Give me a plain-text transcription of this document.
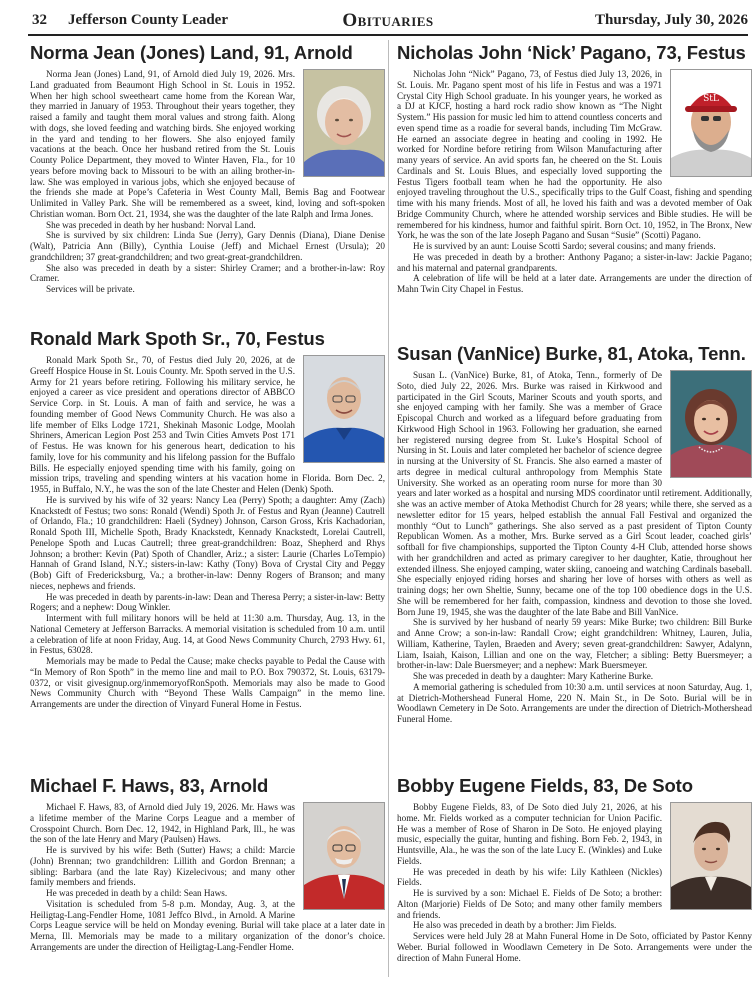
32 Jefferson County Leader	Obituaries	Thursday, July 30, 2026
Norma Jean (Jones) Land, 91, Arnold

Norma Jean (Jones) Land, 91, of Arnold died July 19, 2026. Mrs. Land graduated from Beaumont High School in St. Louis in 1952. When her high school sweetheart came home from the Korean War, they married in January of 1953. Throughout their years together, they raised a family and taught them moral values and strong faith. Along with dogs, she loved feeding and watching birds. She enjoyed working in the yard and tending to her flowers. She also enjoyed family vacations at the beach. Once her husband retired from the St. Louis County Police Department, they moved to Winter Haven, Fla., for 10 years before moving back to Missouri to be with an ailing brother-in-law. She was employed in various jobs, which she enjoyed because of the friends she made at Pope’s Cafeteria in West County Mall, Bemis Bag and Footwear Unlimited in Valley Park. She will be remembered as a sweet, kind, loving and soft-spoken Christian woman. Born Oct. 21, 1934, she was the daughter of the late Ralph and Irma Jones.

She was preceded in death by her husband: Norval Land.

She is survived by six children: Linda Sue (Jerry), Gary Dennis (Diana), Diane Denise (Walt), Patricia Ann (Billy), Cynthia Louise (Jeff) and Michael Ernest (Ursula); 20 grandchildren; 37 great-grandchildren; and two great-great-grandchildren.

She also was preceded in death by a sister: Shirley Cramer; and a brother-in-law: Roy Cramer.

Services will be private.

Ronald Mark Spoth Sr., 70, Festus

Ronald Mark Spoth Sr., 70, of Festus died July 20, 2026, at de Greeff Hospice House in St. Louis County. Mr. Spoth served in the U.S. Army for 21 years before retiring. Following his military service, he enjoyed a career as vice president and operations director of ABBCO Service Corp. in St. Louis. A man of faith and service, he was a founding member of Good News Community Church. He was also a life member of Elks Lodge 1721, Shekinah Masonic Lodge, Moolah Shriners, American Legion Post 253 and Twin Cities Amvets Post 171 of Festus. He was known for his generous heart, dedication to his family, love for his community and his lifelong passion for the Buffalo Bills. He especially enjoyed spending time with his family, going on mission trips, traveling and spending winters at his vacation home in Florida. Born Dec. 2, 1955, in Buffalo, N.Y., he was the son of the late Chester and Helen (Denk) Spoth.

He is survived by his wife of 32 years: Nancy Lea (Perry) Spoth; a daughter: Amy (Zach) Knackstedt of Festus; two sons: Ronald (Wendi) Spoth Jr. of Festus and Ryan (Jeanne) Cautrell of Orlando, Fla.; 10 grandchildren: Haeli (Sydney) Johnson, Carson Gross, Kris Kachadorian, Ronald Spoth III, Michelle Spoth, Brady Knackstedt, Kennady Knackstedt, Lorelai Cautrell, Penelope Spoth and Lucas Cautrell; three great-grandchildren: Boaz, Shepherd and Rhys Johnson; a brother: Kevin (Pat) Spoth of Chandler, Ariz.; a sister: Laurie (Charles LoTempio) Hannah of Grand Island, N.Y.; sisters-in-law: Kathy (Tony) Bova of Crystal City and Peggy (Bob) Gift of Fredericksburg, Va.; a brother-in-law: Denny Rogers of Branson; and many nieces, nephews and friends.

He was preceded in death by parents-in-law: Dean and Theresa Perry; a sister-in-law: Betty Rogers; and a nephew: Doug Winkler.

Interment with full military honors will be held at 11:30 a.m. Thursday, Aug. 13, in the National Cemetery at Jefferson Barracks. A memorial visitation is scheduled from 10 a.m. until a celebration of life at noon Friday, Aug. 14, at Good News Community Church, 2793 Hwy. 61, in Festus, 63028.

Memorials may be made to Pedal the Cause; make checks payable to Pedal the Cause with “In Memory of Ron Spoth” in the memo line and mail to P.O. Box 790372, St. Louis, 63179-0372, or visit givesignup.org/inmemoryofRonSpoth. Memorials may also be made to Good News Community Church with “Beyond These Walls Campaign” in the memo line. Arrangements are under the direction of Vinyard Funeral Home in Festus.

Michael F. Haws, 83, Arnold

Michael F. Haws, 83, of Arnold died July 19, 2026. Mr. Haws was a lifetime member of the Marine Corps League and a member of Crosspoint Church. Born Dec. 12, 1942, in Highland Park, Ill., he was the son of the late Henry and Mary (Paulsen) Haws.

He is survived by his wife: Beth (Sutter) Haws; a child: Marcie (John) Brennan; two grandchildren: Lillith and Gordon Brennan; a sibling: Barbara (and the late Ray) Kizelecivous; and many other family members and friends.

He was preceded in death by a child: Sean Haws.

Visitation is scheduled from 5-8 p.m. Monday, Aug. 3, at the Heiligtag-Lang-Fendler Home, 1081 Jeffco Blvd., in Arnold. A Marine Corps League service will be held on Monday evening. Burial will take place at a later date in Merna, Ill. Memorials may be made to a military organization of the donor’s choice. Arrangements are under the direction of Heiligtag-Lang-Fendler Home.

Nicholas John ‘Nick’ Pagano, 73, Festus
StL

Nicholas John “Nick” Pagano, 73, of Festus died July 13, 2026, in St. Louis. Mr. Pagano spent most of his life in Festus and was a 1971 Crystal City High School graduate. In his younger years, he worked as a DJ at KJCF, hosting a hard rock radio show known as “The Night System.” His passion for music led him to attend countless concerts and even spend time as a roadie for several bands, including Tim McGraw. He earned an associate degree in heating and cooling in 1992. He worked for Nordine before retiring from Wilson Manufacturing after many years of service. An avid sports fan, he cheered on the St. Louis Cardinals and St. Louis Blues, and especially loved supporting the Festus Tigers football team when he had the opportunity. He also enjoyed traveling throughout the U.S., specifically trips to the Gulf Coast, fishing and spending time with his many friends. Most of all, he loved his faith and was a devoted member of Oak Bridge Community Church, where he attended worship services and Bible studies. He will be remembered for his kindness, humor and faithful spirit. Born Oct. 10, 1952, in The Bronx, New York, he was the son of the late Joseph Pagano and Susan “Susie” (Scotti) Pagano.

He is survived by an aunt: Louise Scotti Sardo; several cousins; and many friends.

He was preceded in death by a brother: Anthony Pagano; a sister-in-law: Jackie Pagano; and his maternal and paternal grandparents.

A celebration of life will be held at a later date. Arrangements are under the direction of Mahn Twin City Chapel in Festus.

Susan (VanNice) Burke, 81, Atoka, Tenn.

Susan L. (VanNice) Burke, 81, of Atoka, Tenn., formerly of De Soto, died July 22, 2026. Mrs. Burke was raised in Kirkwood and participated in the Girl Scouts, Mariner Scouts and youth sports, and she enjoyed camping with her family. She was a member of Grace Episcopal Church and worked as a lifeguard before graduating from Kirkwood High School in 1963. Following her graduation, she earned her registered nursing degree from St. Luke’s Hospital School of Nursing in St. Louis and later completed her bachelor of science degree in nursing at the University of St. Francis. She also earned a master of arts degree in medical cultural anthropology from Memphis State University. She worked as an operating room nurse for more than 30 years and later worked as a hospital and nursing MDS coordinator until retirement. Additionally, she was an active member of Atoka Methodist Church for 28 years; while there, she served as a newsletter editor for 15 years, helped establish the annual Fall Festival and organized the monthly “Out to Lunch” gatherings. She also served as a past president of Tipton County Republican Women. As a mother, Mrs. Burke served as a Girl Scout leader, coached girls’ softball for five championships, supported the Tipton County 4-H Club, attended horse shows with her grandchildren and acted as primary caregiver to her daughter, Katie, throughout her extended illness. She enjoyed camping, water skiing, canoeing and watching Cardinals baseball. She especially enjoyed riding horses and sharing her love of horses with others as well as training dogs; her own Sheltie, Sunny, became one of the top 100 obedience dogs in the U.S. She will be remembered for her faith, compassion, kindness and devotion to those she loved. Born June 19, 1945, she was the daughter of the late Babe and Bill VanNice.

She is survived by her husband of nearly 59 years: Mike Burke; two children: Bill Burke and Anne Crow; a son-in-law: Randall Crow; eight grandchildren: Whitney, Lauren, Julia, William, Katherine, Taylen, Braeden and Avery; seven great-grandchildren: Sawyer, Adalynn, Liam, Isaiah, Kaison, Lillian and one on the way, Fletcher; a sibling: Betty Buersmeyer; a brother-in-law: Dale Buersmeyer; and a nephew: Mark Buersmeyer.

She was preceded in death by a daughter: Mary Katherine Burke.

A memorial gathering is scheduled from 10:30 a.m. until services at noon Saturday, Aug. 1, at Dietrich-Mothershead Funeral Home, 220 N. Main St., in De Soto. Burial will be in Woodlawn Cemetery in De Soto. Arrangements are under the direction of Dietrich-Mothershead Funeral Home.

Bobby Eugene Fields, 83, De Soto

Bobby Eugene Fields, 83, of De Soto died July 21, 2026, at his home. Mr. Fields worked as a computer technician for Union Pacific. He was a member of Rose of Sharon in De Soto. He enjoyed playing music, especially the guitar, hunting and fishing. Born Feb. 2, 1943, in Huntsville, Ala., he was the son of the late Lucy E. (Winkles) and Luke Fields.

He was preceded in death by his wife: Lily Kathleen (Nickles) Fields.

He is survived by a son: Michael E. Fields of De Soto; a brother: Alton (Marjorie) Fields of De Soto; and many other family members and friends.

He also was preceded in death by a brother: Jim Fields.

Services were held July 28 at Mahn Funeral Home in De Soto, officiated by Pastor Kenny Weber. Burial followed in Woodlawn Cemetery in De Soto. Arrangements were under the direction of Mahn Funeral Home.
